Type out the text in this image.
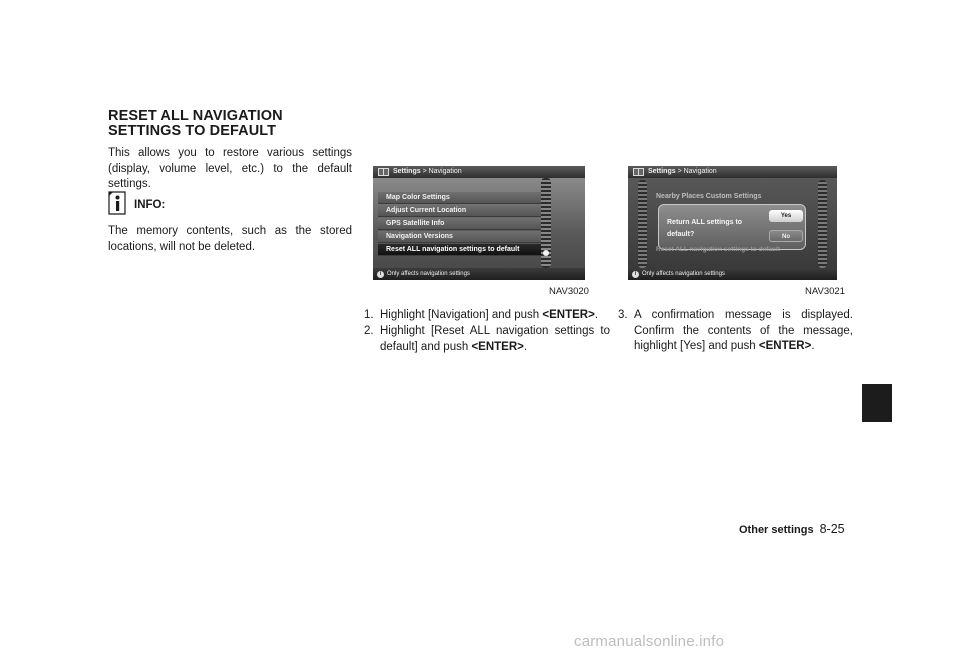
RESET ALL NAVIGATION SETTINGS TO DEFAULT

This allows you to restore various settings (display, volume level, etc.) to the default settings.

INFO:

The memory contents, such as the stored locations, will not be deleted.

Settings > Navigation
Map Color Settings
Adjust Current Location
GPS Satellite Info
Navigation Versions
Reset ALL navigation settings to default
i Only affects navigation settings
NAV3020
Settings > Navigation
Nearby Places Custom Settings
Return ALL settings to default?
Yes
No
Reset ALL navigation settings to default
i Only affects navigation settings
NAV3021
1. Highlight [Navigation] and push <ENTER>.
2. Highlight [Reset ALL navigation settings to default] and push <ENTER>.
3. A confirmation message is displayed. Confirm the contents of the message, highlight [Yes] and push <ENTER>.
Other settings 8-25
carmanualsonline.info
